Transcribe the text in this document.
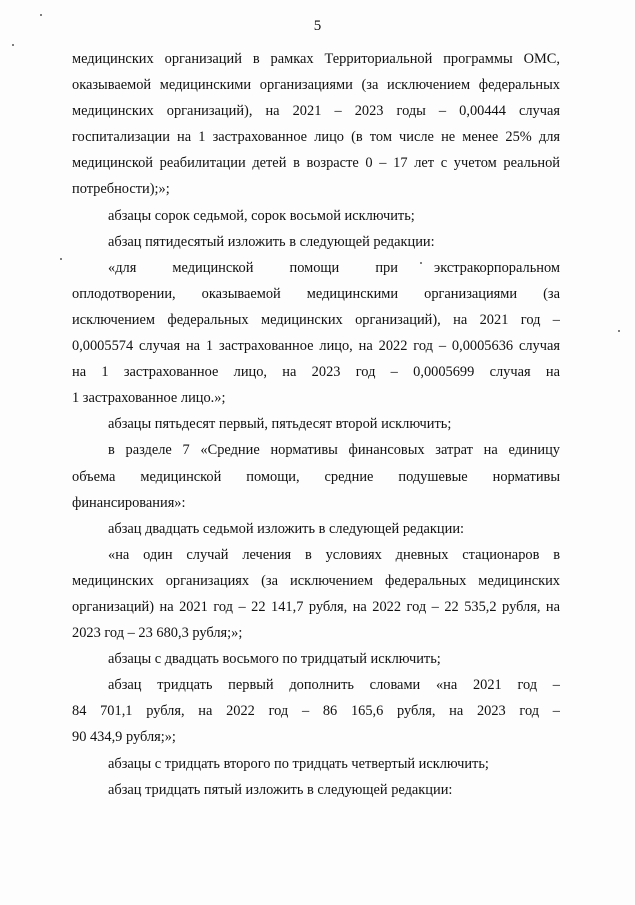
5
медицинских организаций в рамках Территориальной программы ОМС,
оказываемой медицинскими организациями (за исключением федеральных
медицинских организаций), на 2021 – 2023 годы – 0,00444 случая
госпитализации на 1 застрахованное лицо (в том числе не менее 25% для
медицинской реабилитации детей в возрасте 0 – 17 лет с учетом реальной
потребности);»;
абзацы сорок седьмой, сорок восьмой исключить;
абзац пятидесятый изложить в следующей редакции:
«для медицинской помощи при экстракорпоральном
оплодотворении, оказываемой медицинскими организациями (за
исключением федеральных медицинских организаций), на 2021 год –
0,0005574 случая на 1 застрахованное лицо, на 2022 год – 0,0005636 случая
на 1 застрахованное лицо, на 2023 год – 0,0005699 случая на
1 застрахованное лицо.»;
абзацы пятьдесят первый, пятьдесят второй исключить;
в разделе 7 «Средние нормативы финансовых затрат на единицу
объема медицинской помощи, средние подушевые нормативы
финансирования»:
абзац двадцать седьмой изложить в следующей редакции:
«на один случай лечения в условиях дневных стационаров в
медицинских организациях (за исключением федеральных медицинских
организаций) на 2021 год – 22 141,7 рубля, на 2022 год – 22 535,2 рубля, на
2023 год – 23 680,3 рубля;»;
абзацы с двадцать восьмого по тридцатый исключить;
абзац тридцать первый дополнить словами «на 2021 год –
84 701,1 рубля, на 2022 год – 86 165,6 рубля, на 2023 год –
90 434,9 рубля;»;
абзацы с тридцать второго по тридцать четвертый исключить;
абзац тридцать пятый изложить в следующей редакции:
